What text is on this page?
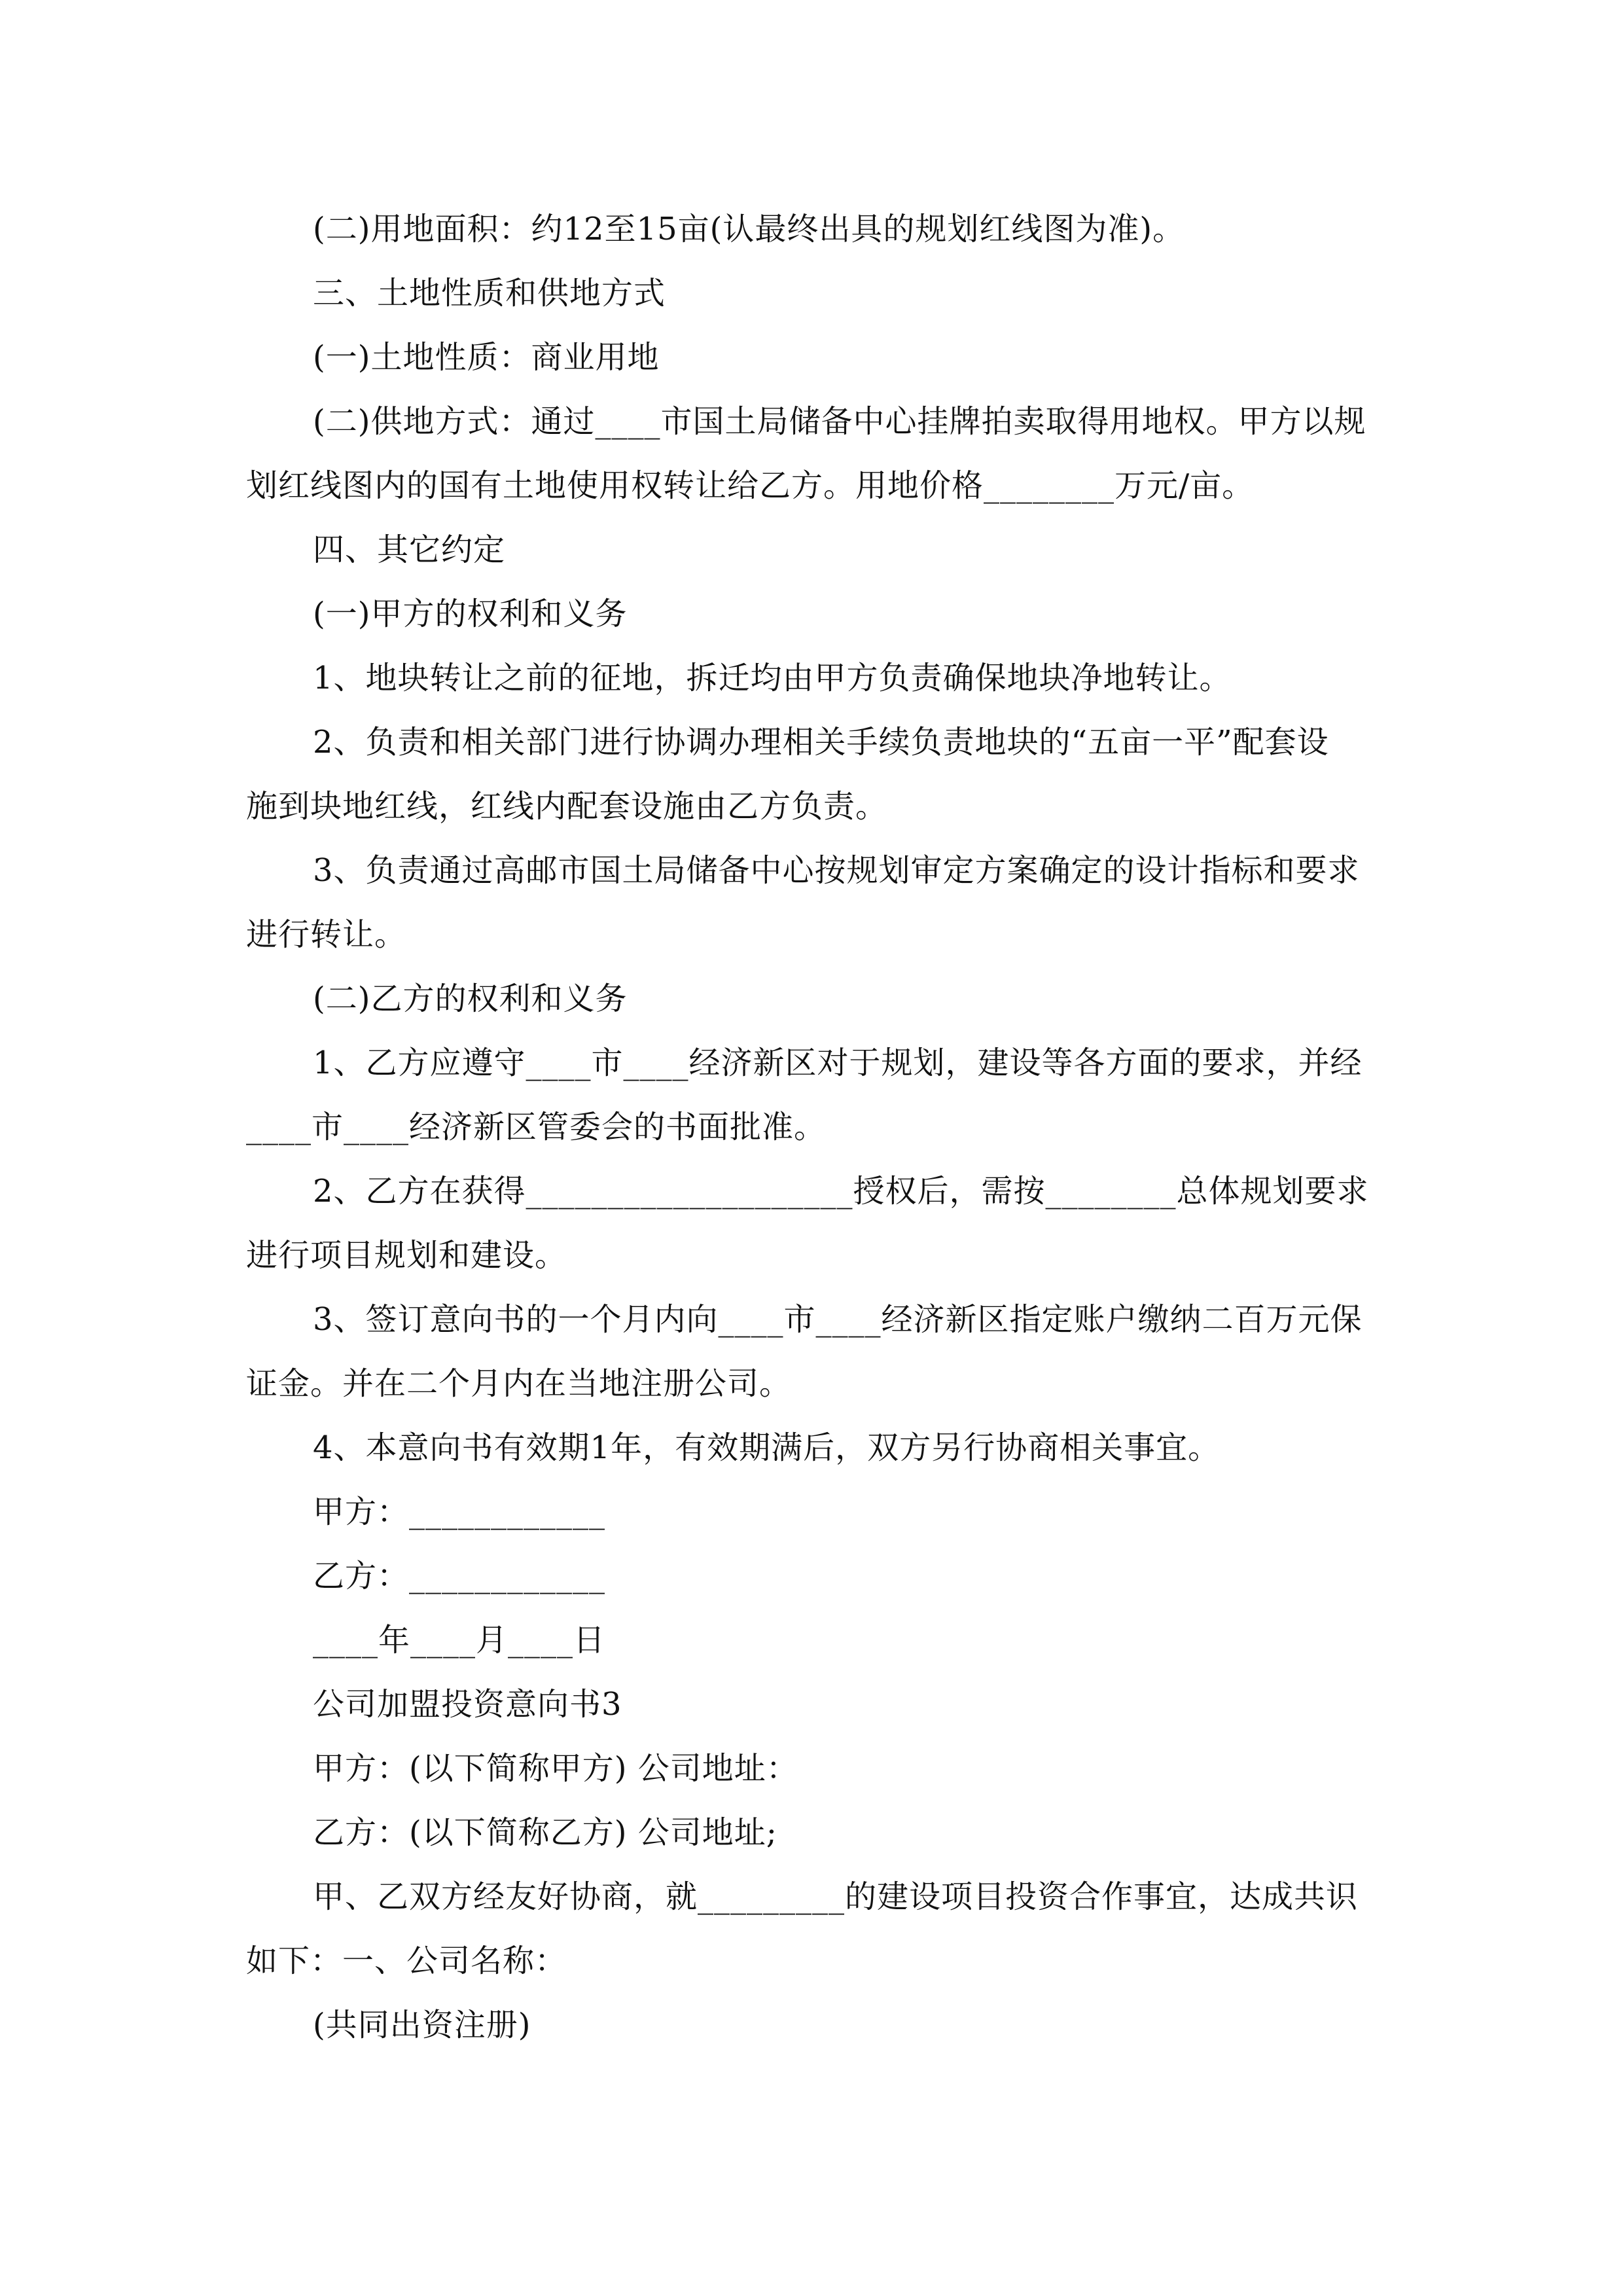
(二)用地面积：约12至15亩(认最终出具的规划红线图为准)。
三、土地性质和供地方式
(一)土地性质：商业用地
(二)供地方式：通过____市国土局储备中心挂牌拍卖取得用地权。甲方以规
划红线图内的国有土地使用权转让给乙方。用地价格________万元/亩。
四、其它约定
(一)甲方的权利和义务
1、地块转让之前的征地，拆迁均由甲方负责确保地块净地转让。
2、负责和相关部门进行协调办理相关手续负责地块的“五亩一平”配套设
施到块地红线，红线内配套设施由乙方负责。
3、负责通过高邮市国土局储备中心按规划审定方案确定的设计指标和要求
进行转让。
(二)乙方的权利和义务
1、乙方应遵守____市____经济新区对于规划，建设等各方面的要求，并经
____市____经济新区管委会的书面批准。
2、乙方在获得____________________授权后，需按________总体规划要求
进行项目规划和建设。
3、签订意向书的一个月内向____市____经济新区指定账户缴纳二百万元保
证金。并在二个月内在当地注册公司。
4、本意向书有效期1年，有效期满后，双方另行协商相关事宜。
甲方：____________
乙方：____________
____年____月____日
公司加盟投资意向书3
甲方：(以下简称甲方) 公司地址：
乙方：(以下简称乙方) 公司地址;
甲、乙双方经友好协商，就_________的建设项目投资合作事宜，达成共识
如下：一、公司名称：
(共同出资注册)
